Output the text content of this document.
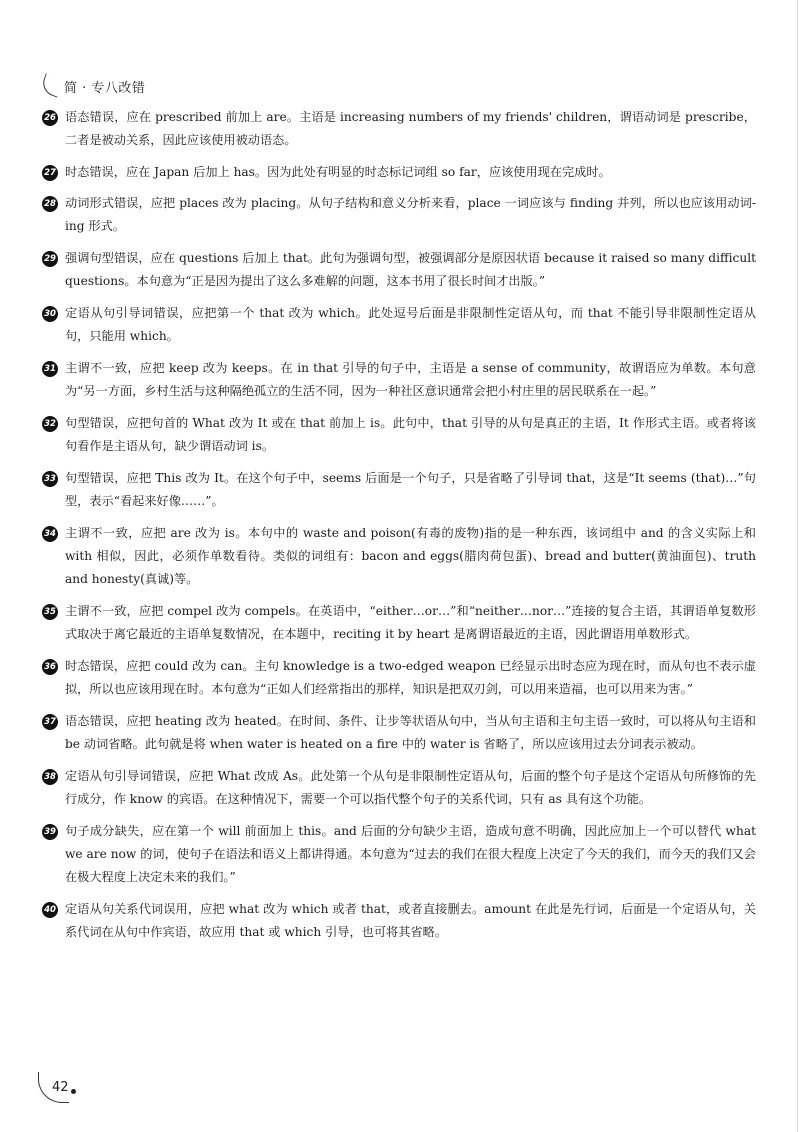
简 · 专八改错
26 语态错误，应在 prescribed 前加上 are。主语是 increasing numbers of my friends' children，谓语动词是 prescribe，二者是被动关系，因此应该使用被动语态。
27 时态错误，应在 Japan 后加上 has。因为此处有明显的时态标记词组 so far，应该使用现在完成时。
28 动词形式错误，应把 places 改为 placing。从句子结构和意义分析来看，place 一词应该与 finding 并列，所以也应该用动词-ing 形式。
29 强调句型错误，应在 questions 后加上 that。此句为强调句型，被强调部分是原因状语 because it raised so many difficult questions。本句意为“正是因为提出了这么多难解的问题，这本书用了很长时间才出版。”
30 定语从句引导词错误，应把第一个 that 改为 which。此处逗号后面是非限制性定语从句，而 that 不能引导非限制性定语从句，只能用 which。
31 主谓不一致，应把 keep 改为 keeps。在 in that 引导的句子中，主语是 a sense of community，故谓语应为单数。本句意为“另一方面，乡村生活与这种隔绝孤立的生活不同，因为一种社区意识通常会把小村庄里的居民联系在一起。”
32 句型错误，应把句首的 What 改为 It 或在 that 前加上 is。此句中，that 引导的从句是真正的主语，It 作形式主语。或者将该句看作是主语从句，缺少谓语动词 is。
33 句型错误，应把 This 改为 It。在这个句子中，seems 后面是一个句子，只是省略了引导词 that，这是“It seems (that)…”句型，表示“看起来好像……”。
34 主谓不一致，应把 are 改为 is。本句中的 waste and poison(有毒的废物)指的是一种东西，该词组中 and 的含义实际上和 with 相似，因此，必须作单数看待。类似的词组有：bacon and eggs(腊肉荷包蛋)、bread and butter(黄油面包)、truth and honesty(真诚)等。
35 主谓不一致，应把 compel 改为 compels。在英语中，“either…or…”和“neither…nor…”连接的复合主语，其谓语单复数形式取决于离它最近的主语单复数情况，在本题中，reciting it by heart 是离谓语最近的主语，因此谓语用单数形式。
36 时态错误，应把 could 改为 can。主句 knowledge is a two-edged weapon 已经显示出时态应为现在时，而从句也不表示虚拟，所以也应该用现在时。本句意为“正如人们经常指出的那样，知识是把双刃剑，可以用来造福，也可以用来为害。”
37 语态错误，应把 heating 改为 heated。在时间、条件、让步等状语从句中，当从句主语和主句主语一致时，可以将从句主语和 be 动词省略。此句就是将 when water is heated on a fire 中的 water is 省略了，所以应该用过去分词表示被动。
38 定语从句引导词错误，应把 What 改成 As。此处第一个从句是非限制性定语从句，后面的整个句子是这个定语从句所修饰的先行成分，作 know 的宾语。在这种情况下，需要一个可以指代整个句子的关系代词，只有 as 具有这个功能。
39 句子成分缺失，应在第一个 will 前面加上 this。and 后面的分句缺少主语，造成句意不明确，因此应加上一个可以替代 what we are now 的词，使句子在语法和语义上都讲得通。本句意为“过去的我们在很大程度上决定了今天的我们，而今天的我们又会在极大程度上决定未来的我们。”
40 定语从句关系代词误用，应把 what 改为 which 或者 that，或者直接删去。amount 在此是先行词，后面是一个定语从句，关系代词在从句中作宾语，故应用 that 或 which 引导，也可将其省略。
42
